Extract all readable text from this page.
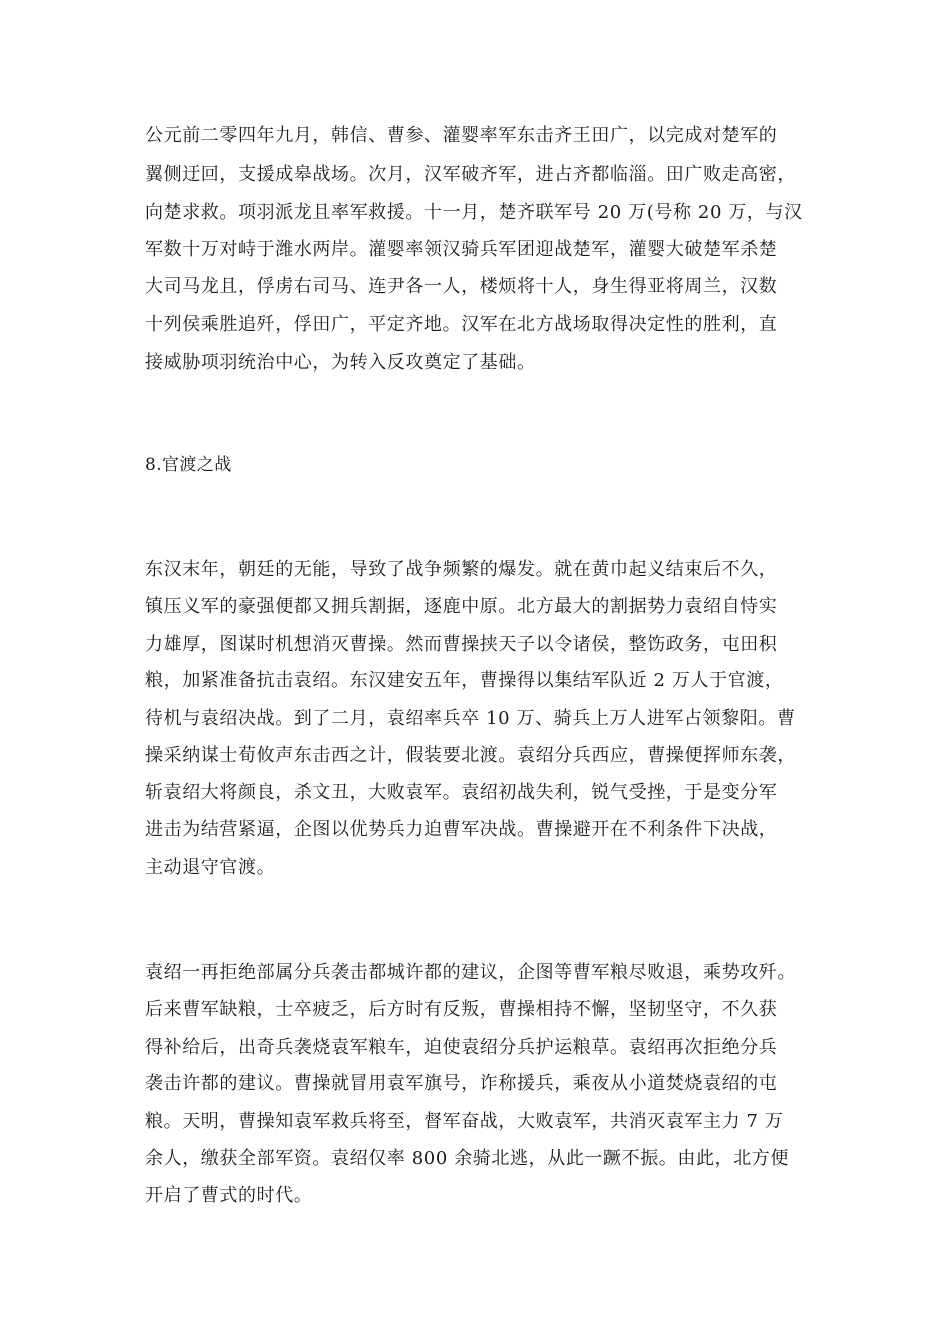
公元前二零四年九月，韩信、曹参、灌婴率军东击齐王田广，以完成对楚军的
翼侧迂回，支援成皋战场。次月，汉军破齐军，进占齐都临淄。田广败走高密，
向楚求救。项羽派龙且率军救援。十一月，楚齐联军号 20 万(号称 20 万，与汉
军数十万对峙于潍水两岸。灌婴率领汉骑兵军团迎战楚军，灌婴大破楚军杀楚
大司马龙且，俘虏右司马、连尹各一人，楼烦将十人，身生得亚将周兰，汉数
十列侯乘胜追歼，俘田广，平定齐地。汉军在北方战场取得决定性的胜利，直
接威胁项羽统治中心，为转入反攻奠定了基础。
8.官渡之战
东汉末年，朝廷的无能，导致了战争频繁的爆发。就在黄巾起义结束后不久，
镇压义军的豪强便都又拥兵割据，逐鹿中原。北方最大的割据势力袁绍自恃实
力雄厚，图谋时机想消灭曹操。然而曹操挟天子以令诸侯，整饬政务，屯田积
粮，加紧准备抗击袁绍。东汉建安五年，曹操得以集结军队近 2 万人于官渡，
待机与袁绍决战。到了二月，袁绍率兵卒 10 万、骑兵上万人进军占领黎阳。曹
操采纳谋士荀攸声东击西之计，假装要北渡。袁绍分兵西应，曹操便挥师东袭，
斩袁绍大将颜良，杀文丑，大败袁军。袁绍初战失利，锐气受挫，于是变分军
进击为结营紧逼，企图以优势兵力迫曹军决战。曹操避开在不利条件下决战，
主动退守官渡。
袁绍一再拒绝部属分兵袭击都城许都的建议，企图等曹军粮尽败退，乘势攻歼。
后来曹军缺粮，士卒疲乏，后方时有反叛，曹操相持不懈，坚韧坚守，不久获
得补给后，出奇兵袭烧袁军粮车，迫使袁绍分兵护运粮草。袁绍再次拒绝分兵
袭击许都的建议。曹操就冒用袁军旗号，诈称援兵，乘夜从小道焚烧袁绍的屯
粮。天明，曹操知袁军救兵将至，督军奋战，大败袁军，共消灭袁军主力 7 万
余人，缴获全部军资。袁绍仅率 800 余骑北逃，从此一蹶不振。由此，北方便
开启了曹式的时代。
